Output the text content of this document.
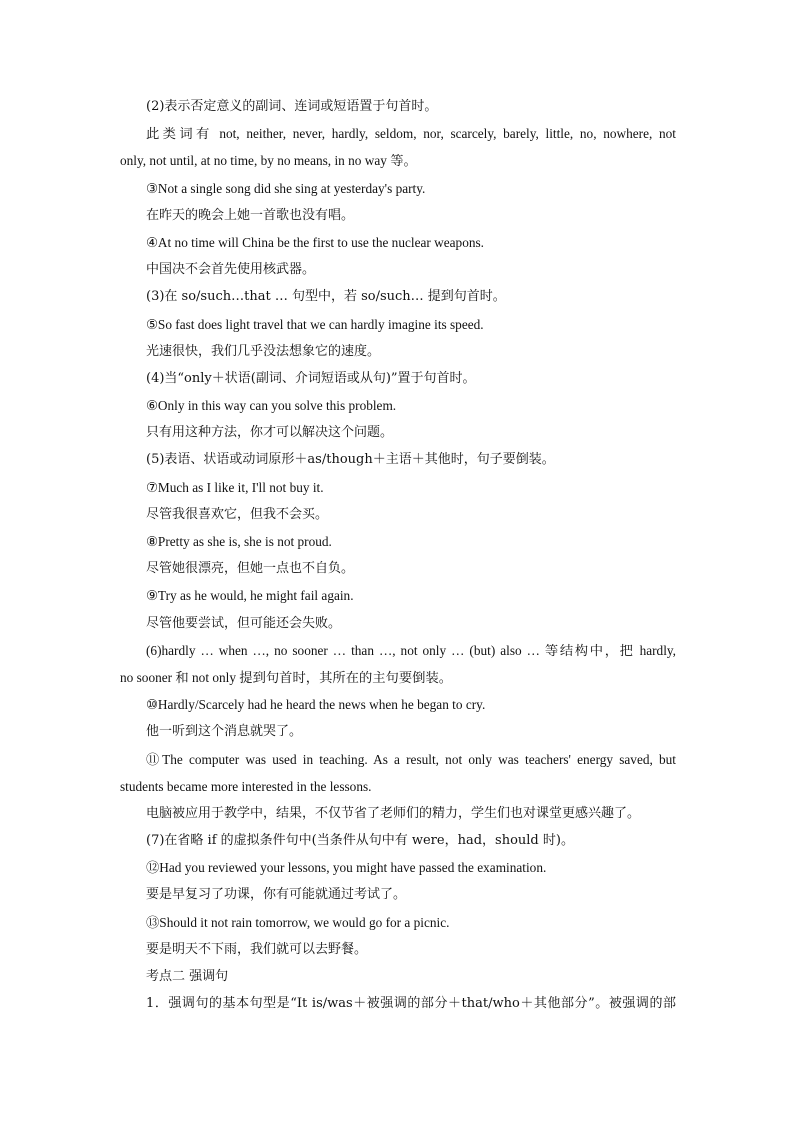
(2)表示否定意义的副词、连词或短语置于句首时。
此类词有 not, neither, never, hardly, seldom, nor, scarcely, barely, little, no, nowhere, not
only, not until, at no time, by no means, in no way 等。
③Not a single song did she sing at yesterday's party.
在昨天的晚会上她一首歌也没有唱。
④At no time will China be the first to use the nuclear weapons.
中国决不会首先使用核武器。
(3)在 so/such…that … 句型中，若 so/such… 提到句首时。
⑤So fast does light travel that we can hardly imagine its speed.
光速很快，我们几乎没法想象它的速度。
(4)当“only＋状语(副词、介词短语或从句)”置于句首时。
⑥Only in this way can you solve this problem.
只有用这种方法，你才可以解决这个问题。
(5)表语、状语或动词原形＋as/though＋主语＋其他时，句子要倒装。
⑦Much as I like it, I'll not buy it.
尽管我很喜欢它，但我不会买。
⑧Pretty as she is, she is not proud.
尽管她很漂亮，但她一点也不自负。
⑨Try as he would, he might fail again.
尽管他要尝试，但可能还会失败。
(6)hardly … when …, no sooner … than …, not only … (but) also … 等结构中，把 hardly,
no sooner 和 not only 提到句首时，其所在的主句要倒装。
⑩Hardly/Scarcely had he heard the news when he began to cry.
他一听到这个消息就哭了。
⑪The computer was used in teaching. As a result, not only was teachers' energy saved, but
students became more interested in the lessons.
电脑被应用于教学中，结果，不仅节省了老师们的精力，学生们也对课堂更感兴趣了。
(7)在省略 if 的虚拟条件句中(当条件从句中有 were，had，should 时)。
⑫Had you reviewed your lessons, you might have passed the examination.
要是早复习了功课，你有可能就通过考试了。
⑬Should it not rain tomorrow, we would go for a picnic.
要是明天不下雨，我们就可以去野餐。
考点二 强调句
1．强调句的基本句型是“It is/was＋被强调的部分＋that/who＋其他部分”。被强调的部
